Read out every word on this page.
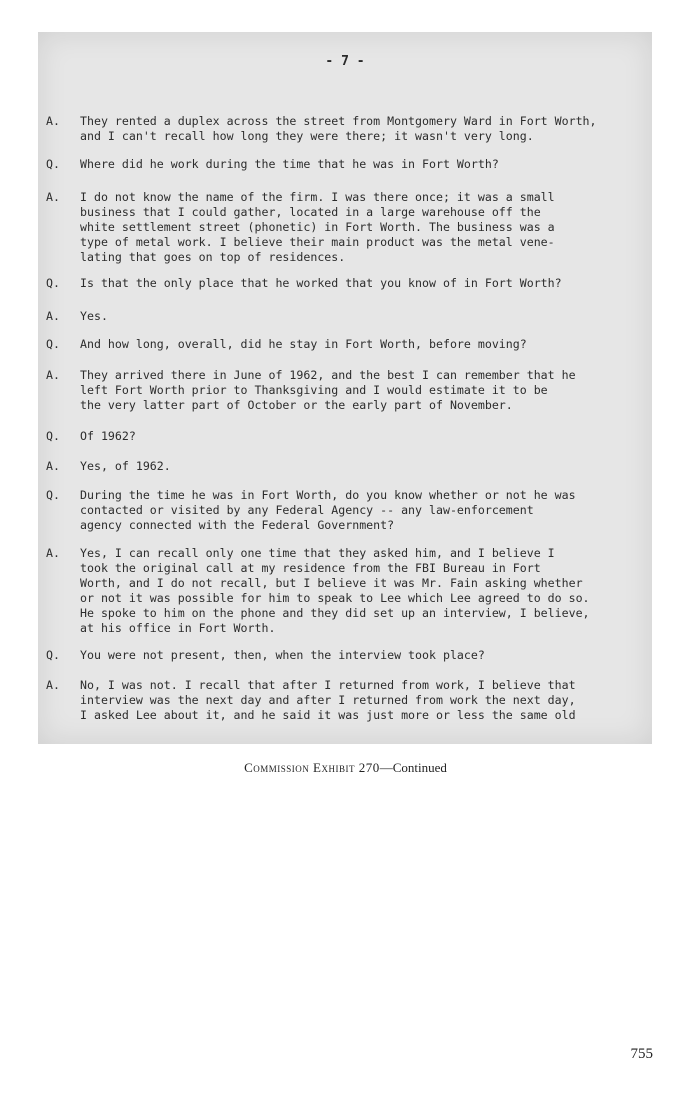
- 7 -
A.	They rented a duplex across the street from Montgomery Ward in Fort Worth,
and I can't recall how long they were there; it wasn't very long.
Q.	Where did he work during the time that he was in Fort Worth?
A.	I do not know the name of the firm. I was there once; it was a small
business that I could gather, located in a large warehouse off the
white settlement street (phonetic) in Fort Worth. The business was a
type of metal work. I believe their main product was the metal vene-
lating that goes on top of residences.
Q.	Is that the only place that he worked that you know of in Fort Worth?
A.	Yes.
Q.	And how long, overall, did he stay in Fort Worth, before moving?
A.	They arrived there in June of 1962, and the best I can remember that he
left Fort Worth prior to Thanksgiving and I would estimate it to be
the very latter part of October or the early part of November.
Q.	Of 1962?
A.	Yes, of 1962.
Q.	During the time he was in Fort Worth, do you know whether or not he was
contacted or visited by any Federal Agency -- any law-enforcement
agency connected with the Federal Government?
A.	Yes, I can recall only one time that they asked him, and I believe I
took the original call at my residence from the FBI Bureau in Fort
Worth, and I do not recall, but I believe it was Mr. Fain asking whether
or not it was possible for him to speak to Lee which Lee agreed to do so.
He spoke to him on the phone and they did set up an interview, I believe,
at his office in Fort Worth.
Q.	You were not present, then, when the interview took place?
A.	No, I was not. I recall that after I returned from work, I believe that
interview was the next day and after I returned from work the next day,
I asked Lee about it, and he said it was just more or less the same old
Commission Exhibit 270—Continued
755
